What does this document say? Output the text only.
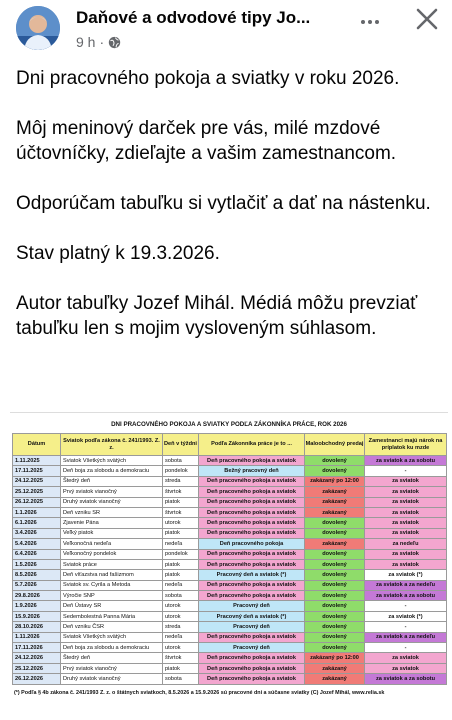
Daňové a odvodové tipy Jo...
9 h ·

Dni pracovného pokoja a sviatky v roku 2026.

Môj meninový darček pre vás, milé mzdové účtovníčky, zdieľajte a vašim zamestnancom.

Odporúčam tabuľku si vytlačiť a dať na nástenku.

Stav platný k 19.3.2026.

Autor tabuľky Jozef Mihál. Médiá môžu prevziať tabuľku len s mojim vysloveným súhlasom.

DNI PRACOVNÉHO POKOJA A SVIATKY PODĽA ZÁKONNÍKA PRÁCE, ROK 2026
Dátum	Sviatok podľa zákona č. 241/1993. Z. z.	Deň v týždni	Podľa Zákonníka práce je to ...	Maloobchodný predaj	Zamestnanci majú nárok na príplatok ku mzde
1.11.2025	Sviatok Všetkých svätých	sobota	Deň pracovného pokoja a sviatok	dovolený	za sviatok a za sobotu
17.11.2025	Deň boja za slobodu a demokraciu	pondelok	Bežný pracovný deň	dovolený	-
24.12.2025	Štedrý deň	streda	Deň pracovného pokoja a sviatok	zakázaný po 12:00	za sviatok
25.12.2025	Prvý sviatok vianočný	štvrtok	Deň pracovného pokoja a sviatok	zakázaný	za sviatok
26.12.2025	Druhý sviatok vianočný	piatok	Deň pracovného pokoja a sviatok	zakázaný	za sviatok
1.1.2026	Deň vzniku SR	štvrtok	Deň pracovného pokoja a sviatok	zakázaný	za sviatok
6.1.2026	Zjavenie Pána	utorok	Deň pracovného pokoja a sviatok	dovolený	za sviatok
3.4.2026	Veľký piatok	piatok	Deň pracovného pokoja a sviatok	dovolený	za sviatok
5.4.2026	Veľkonočná nedeľa	nedeľa	Deň pracovného pokoja	zakázaný	za nedeľu
6.4.2026	Veľkonočný pondelok	pondelok	Deň pracovného pokoja a sviatok	dovolený	za sviatok
1.5.2026	Sviatok práce	piatok	Deň pracovného pokoja a sviatok	dovolený	za sviatok
8.5.2026	Deň víťazstva nad fašizmom	piatok	Pracovný deň a sviatok (*)	dovolený	za sviatok (*)
5.7.2026	Sviatok sv. Cyrila a Metoda	nedeľa	Deň pracovného pokoja a sviatok	dovolený	za sviatok a za nedeľu
29.8.2026	Výročie SNP	sobota	Deň pracovného pokoja a sviatok	dovolený	za sviatok a za sobotu
1.9.2026	Deň Ústavy SR	utorok	Pracovný deň	dovolený	-
15.9.2026	Sedembolestná Panna Mária	utorok	Pracovný deň a sviatok (*)	dovolený	za sviatok (*)
28.10.2026	Deň vzniku ČSR	streda	Pracovný deň	dovolený	-
1.11.2026	Sviatok Všetkých svätých	nedeľa	Deň pracovného pokoja a sviatok	dovolený	za sviatok a za nedeľu
17.11.2026	Deň boja za slobodu a demokraciu	utorok	Pracovný deň	dovolený	-
24.12.2026	Štedrý deň	štvrtok	Deň pracovného pokoja a sviatok	zakázaný po 12:00	za sviatok
25.12.2026	Prvý sviatok vianočný	piatok	Deň pracovného pokoja a sviatok	zakázaný	za sviatok
26.12.2026	Druhý sviatok vianočný	sobota	Deň pracovného pokoja a sviatok	zakázaný	za sviatok a za sobotu
(*) Podľa § 4b zákona č. 241/1993 Z. z. o štátnych sviatkoch, 8.5.2026 a 15.9.2026 sú pracovné dni a súčasne sviatky (C) Jozef Mihál, www.relia.sk
